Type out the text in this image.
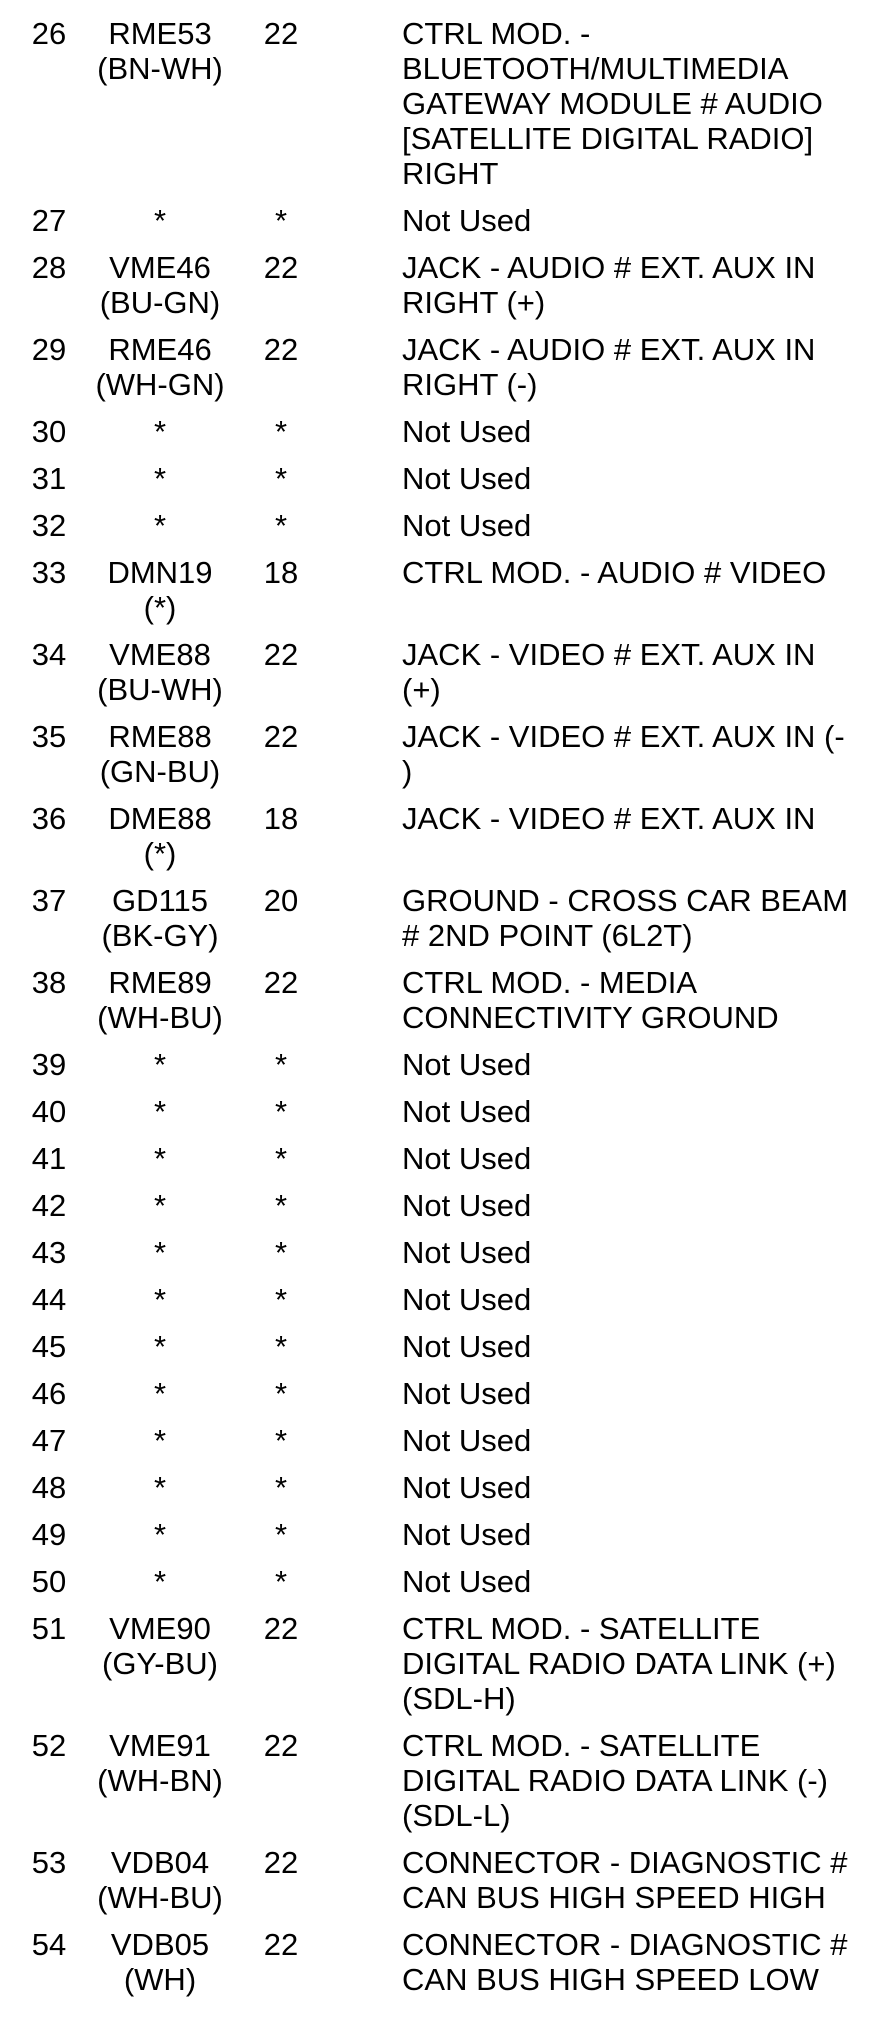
26	RME53
(BN-WH)	22	CTRL MOD. -
BLUETOOTH/MULTIMEDIA
GATEWAY MODULE # AUDIO
[SATELLITE DIGITAL RADIO]
RIGHT

27	*	*	Not Used

28	VME46
(BU-GN)	22	JACK - AUDIO # EXT. AUX IN
RIGHT (+)

29	RME46
(WH-GN)	22	JACK - AUDIO # EXT. AUX IN
RIGHT (-)

30	*	*	Not Used

31	*	*	Not Used

32	*	*	Not Used

33	DMN19
(*)	18	CTRL MOD. - AUDIO # VIDEO

34	VME88
(BU-WH)	22	JACK - VIDEO # EXT. AUX IN
(+)

35	RME88
(GN-BU)	22	JACK - VIDEO # EXT. AUX IN (-
)

36	DME88
(*)	18	JACK - VIDEO # EXT. AUX IN

37	GD115
(BK-GY)	20	GROUND - CROSS CAR BEAM
# 2ND POINT (6L2T)

38	RME89
(WH-BU)	22	CTRL MOD. - MEDIA
CONNECTIVITY GROUND

39	*	*	Not Used

40	*	*	Not Used

41	*	*	Not Used

42	*	*	Not Used

43	*	*	Not Used

44	*	*	Not Used

45	*	*	Not Used

46	*	*	Not Used

47	*	*	Not Used

48	*	*	Not Used

49	*	*	Not Used

50	*	*	Not Used

51	VME90
(GY-BU)	22	CTRL MOD. - SATELLITE
DIGITAL RADIO DATA LINK (+)
(SDL-H)

52	VME91
(WH-BN)	22	CTRL MOD. - SATELLITE
DIGITAL RADIO DATA LINK (-)
(SDL-L)

53	VDB04
(WH-BU)	22	CONNECTOR - DIAGNOSTIC #
CAN BUS HIGH SPEED HIGH

54	VDB05
(WH)	22	CONNECTOR - DIAGNOSTIC #
CAN BUS HIGH SPEED LOW
